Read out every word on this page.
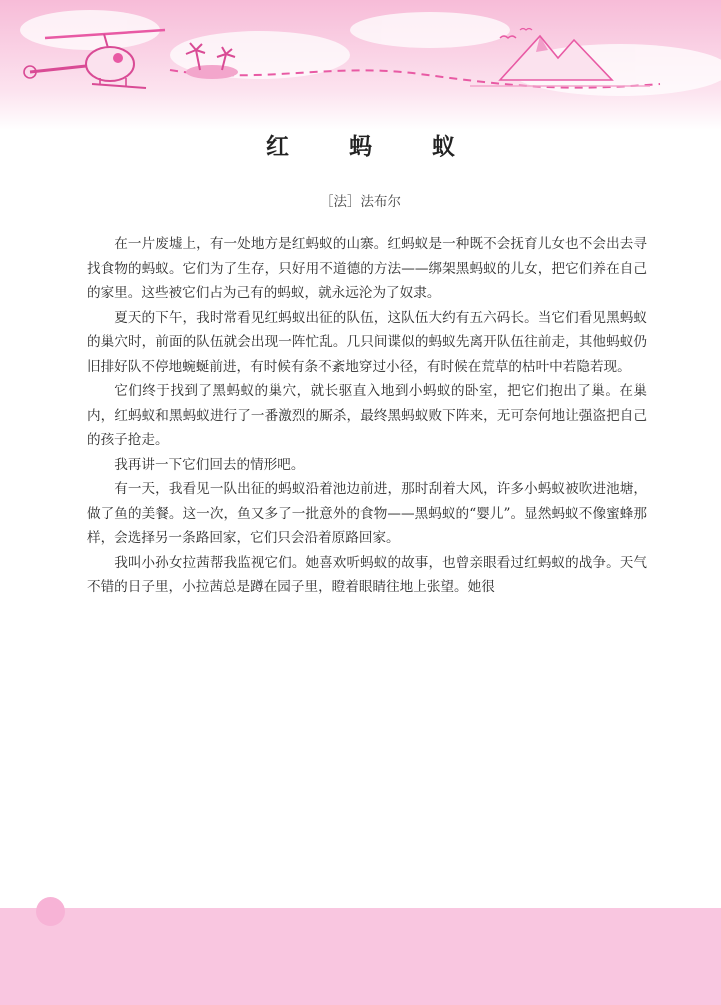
红 蚂 蚁

［法］法布尔

在一片废墟上，有一处地方是红蚂蚁的山寨。红蚂蚁是一种既不会抚育儿女也不会出去寻找食物的蚂蚁。它们为了生存，只好用不道德的方法——绑架黑蚂蚁的儿女，把它们养在自己的家里。这些被它们占为己有的蚂蚁，就永远沦为了奴隶。

夏天的下午，我时常看见红蚂蚁出征的队伍，这队伍大约有五六码长。当它们看见黑蚂蚁的巢穴时，前面的队伍就会出现一阵忙乱。几只间谍似的蚂蚁先离开队伍往前走，其他蚂蚁仍旧排好队不停地蜿蜒前进，有时候有条不紊地穿过小径，有时候在荒草的枯叶中若隐若现。

它们终于找到了黑蚂蚁的巢穴，就长驱直入地到小蚂蚁的卧室，把它们抱出了巢。在巢内，红蚂蚁和黑蚂蚁进行了一番激烈的厮杀，最终黑蚂蚁败下阵来，无可奈何地让强盗把自己的孩子抢走。

我再讲一下它们回去的情形吧。

有一天，我看见一队出征的蚂蚁沿着池边前进，那时刮着大风，许多小蚂蚁被吹进池塘，做了鱼的美餐。这一次，鱼又多了一批意外的食物——黑蚂蚁的“婴儿”。显然蚂蚁不像蜜蜂那样，会选择另一条路回家，它们只会沿着原路回家。

我叫小孙女拉茜帮我监视它们。她喜欢听蚂蚁的故事，也曾亲眼看过红蚂蚁的战争。天气不错的日子里，小拉茜总是蹲在园子里，瞪着眼睛往地上张望。她很
